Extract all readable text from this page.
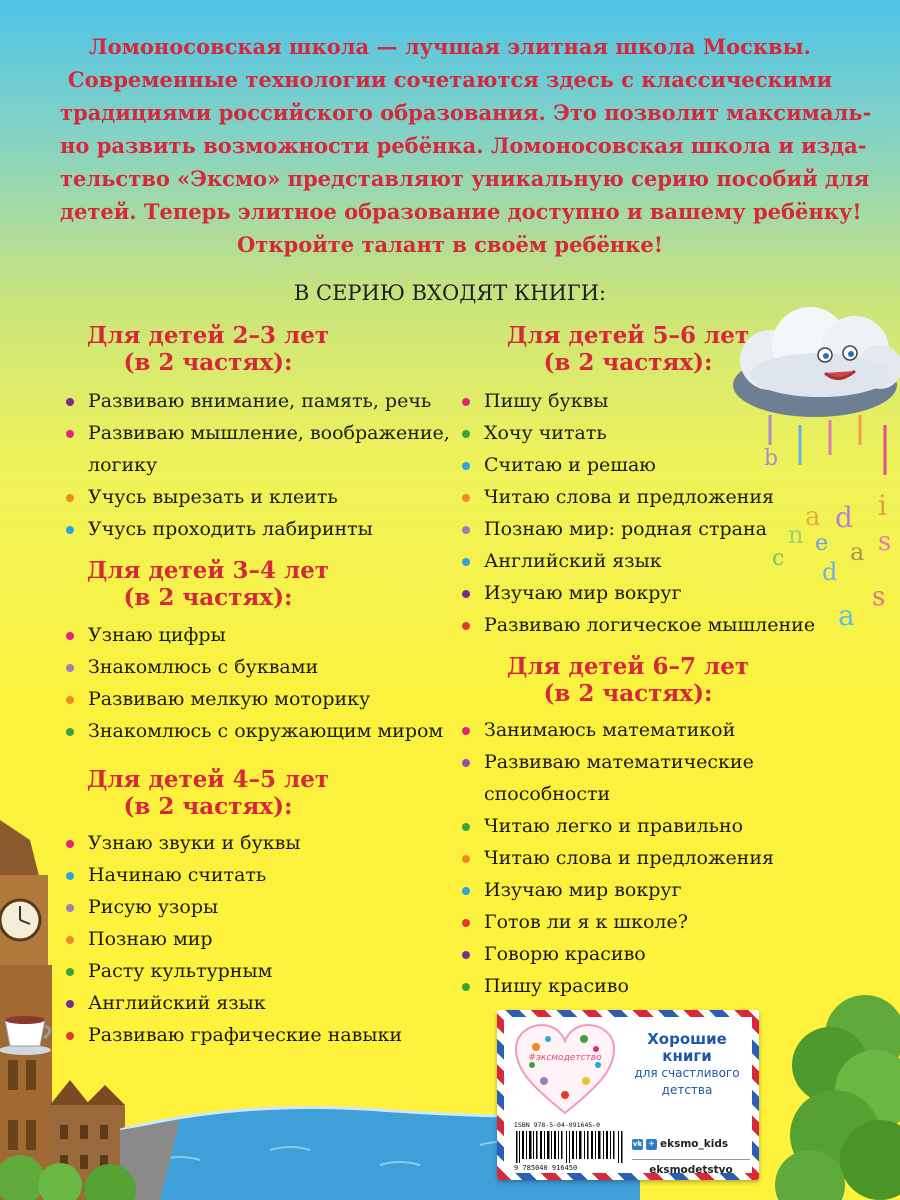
Ломоносовская школа — лучшая элитная школа Москвы.
Современные технологии сочетаются здесь с классическими
традициями российского образования. Это позволит максималь-
но развить возможности ребёнка. Ломоносовская школа и изда-
тельство «Эксмо» представляют уникальную серию пособий для
детей. Теперь элитное образование доступно и вашему ребёнку!
Откройте талант в своём ребёнке!
В СЕРИЮ ВХОДЯТ КНИГИ:
Для детей 2–3 лет
(в 2 частях):
Развиваю внимание, память, речь
Развиваю мышление, воображение,
логику
Учусь вырезать и клеить
Учусь проходить лабиринты
Для детей 3–4 лет
(в 2 частях):
Узнаю цифры
Знакомлюсь с буквами
Развиваю мелкую моторику
Знакомлюсь с окружающим миром
Для детей 4–5 лет
(в 2 частях):
Узнаю звуки и буквы
Начинаю считать
Рисую узоры
Познаю мир
Расту культурным
Английский язык
Развиваю графические навыки
Для детей 5–6 лет
(в 2 частях):
Пишу буквы
Хочу читать
Считаю и решаю
Читаю слова и предложения
Познаю мир: родная страна
Английский язык
Изучаю мир вокруг
Развиваю логическое мышление
Для детей 6–7 лет
(в 2 частях):
Занимаюсь математикой
Развиваю математические
способности
Читаю легко и правильно
Читаю слова и предложения
Изучаю мир вокруг
Готов ли я к школе?
Говорю красиво
Пишу красиво
b
a
c
e
n
d i
s
a
d
s
a
#эксмодетство
Хорошие
книги
для счастливого
детства
ISBN 978-5-04-091645-0
9 785040 916450
vk ✈ eksmo_kids
eksmodetstvo
